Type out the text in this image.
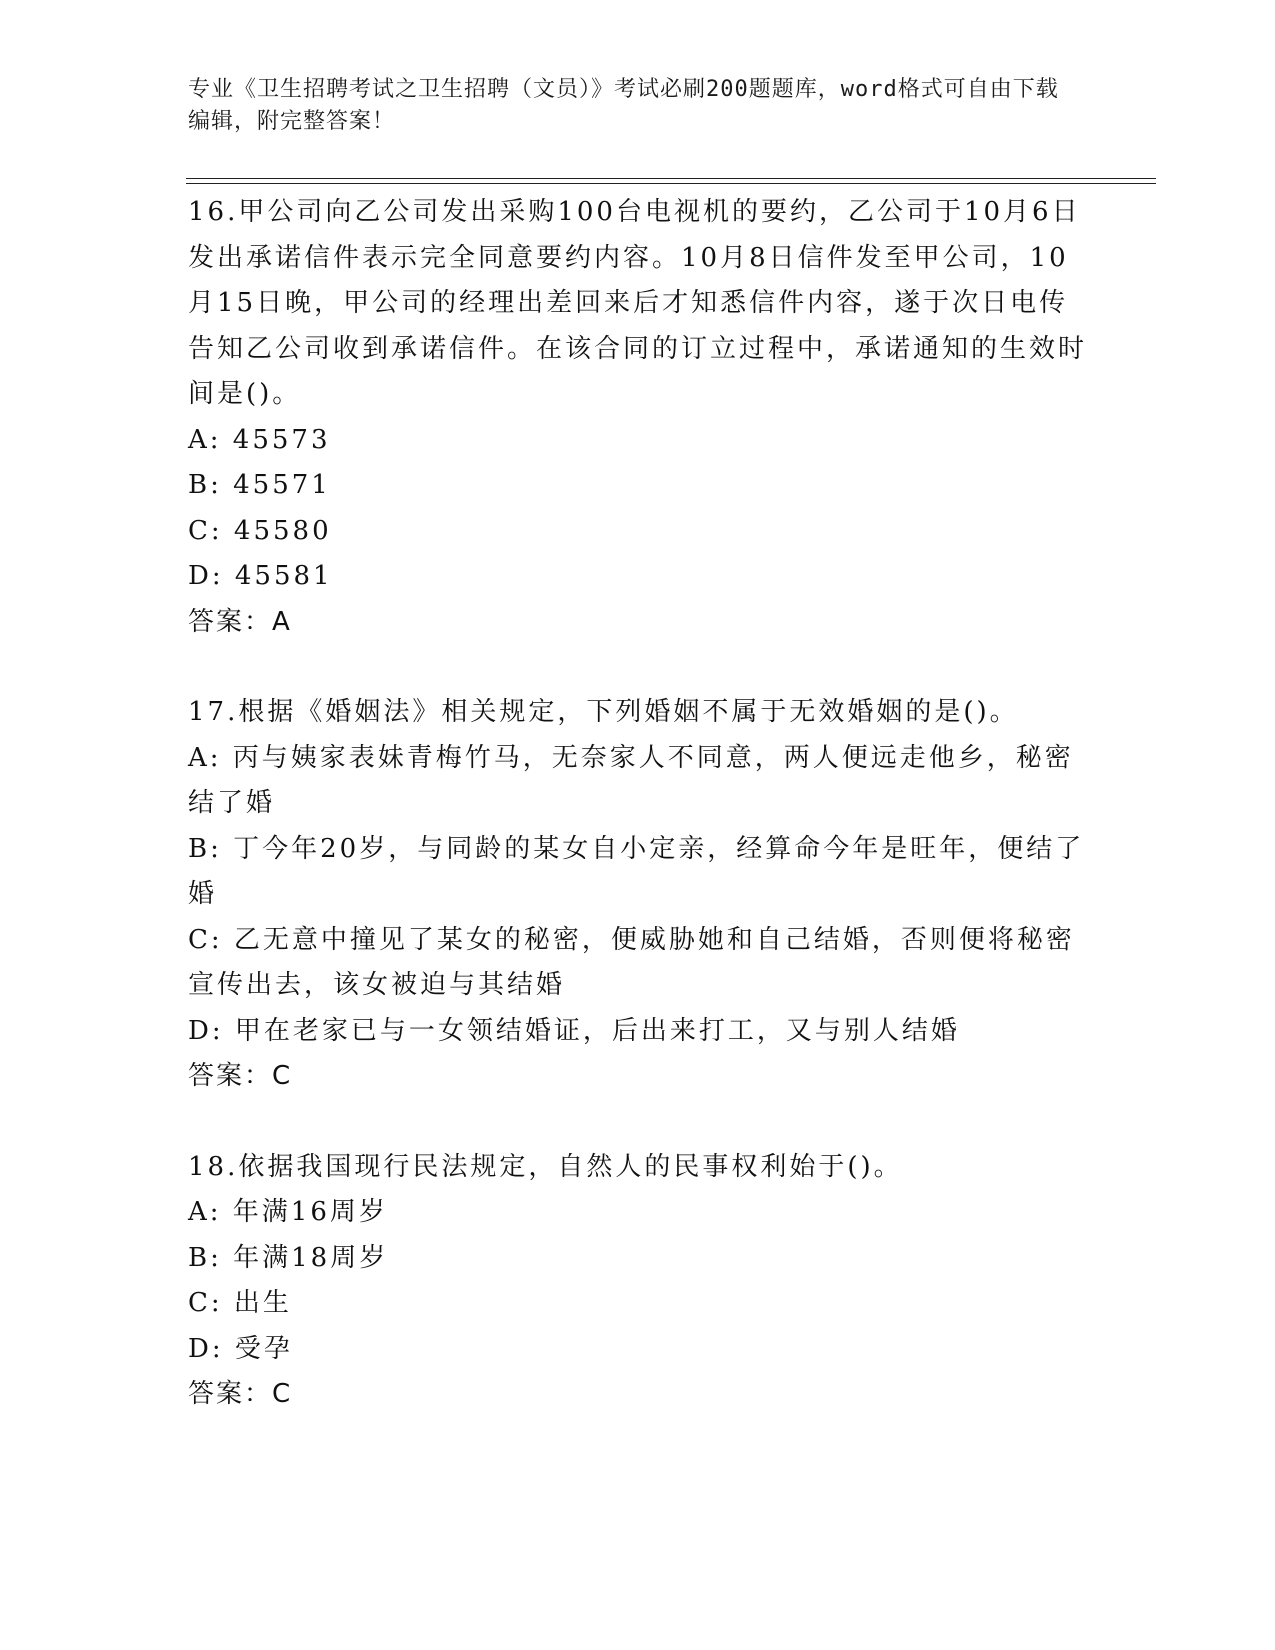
专业《卫生招聘考试之卫生招聘（文员）》考试必刷200题题库，word格式可自由下载编辑，附完整答案！

16.甲公司向乙公司发出采购100台电视机的要约，乙公司于10月6日发出承诺信件表示完全同意要约内容。10月8日信件发至甲公司，10月15日晚，甲公司的经理出差回来后才知悉信件内容，遂于次日电传告知乙公司收到承诺信件。在该合同的订立过程中，承诺通知的生效时间是()。

A: 45573

B: 45571

C: 45580

D: 45581

答案：A

17.根据《婚姻法》相关规定，下列婚姻不属于无效婚姻的是()。

A: 丙与姨家表妹青梅竹马，无奈家人不同意，两人便远走他乡，秘密结了婚

B: 丁今年20岁，与同龄的某女自小定亲，经算命今年是旺年，便结了婚

C: 乙无意中撞见了某女的秘密，便威胁她和自己结婚，否则便将秘密宣传出去，该女被迫与其结婚

D: 甲在老家已与一女领结婚证，后出来打工，又与别人结婚

答案：C

18.依据我国现行民法规定，自然人的民事权利始于()。

A: 年满16周岁

B: 年满18周岁

C: 出生

D: 受孕

答案：C
